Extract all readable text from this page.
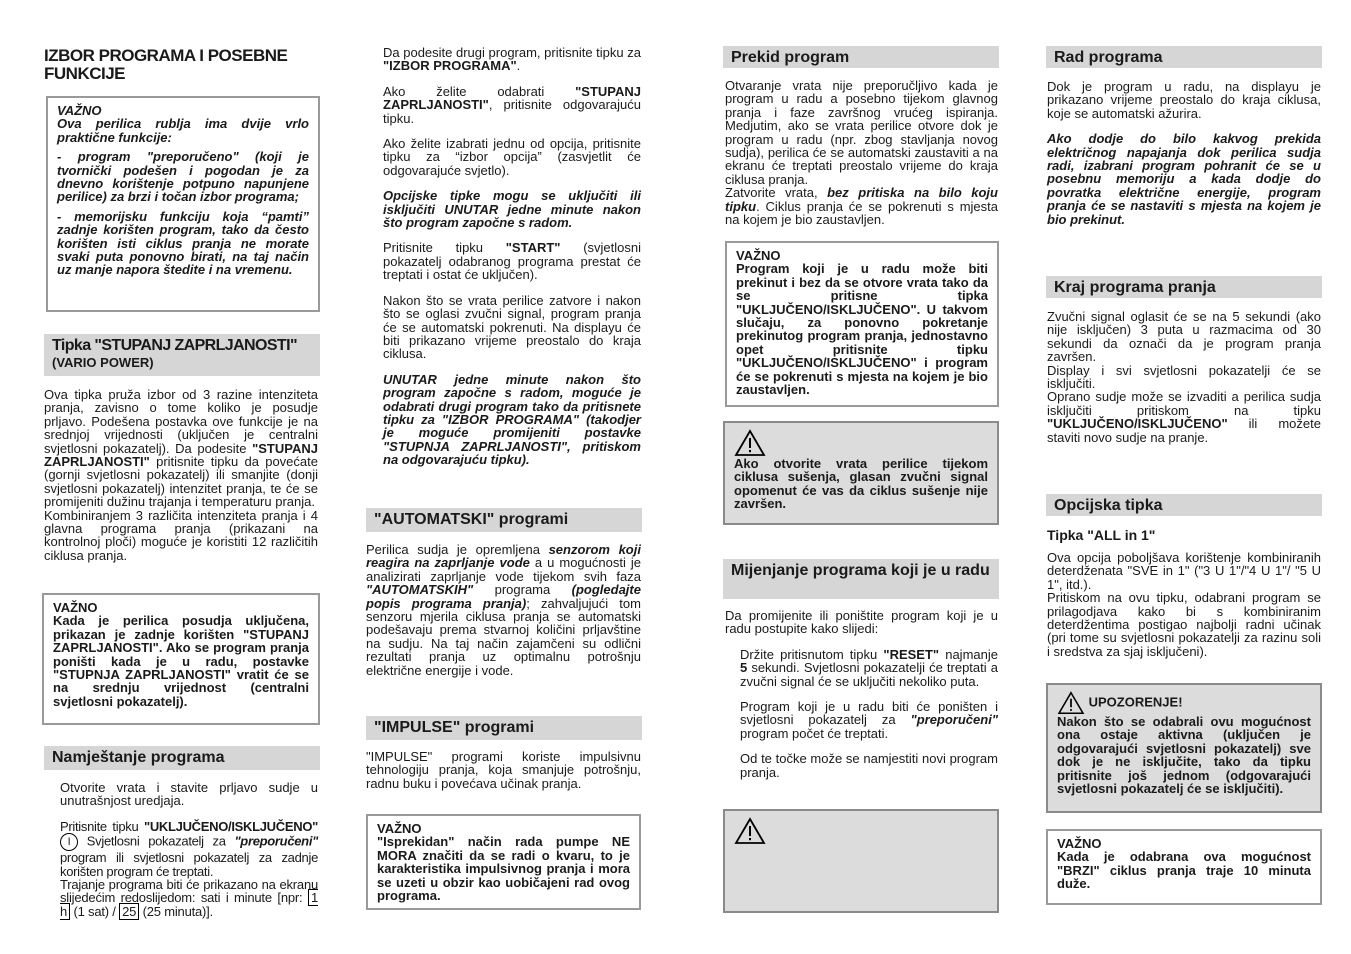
IZBOR PROGRAMA I POSEBNE FUNKCIJE
VAŽNO
Ova perilica rublja ima dvije vrlo praktične funkcije:
- program "preporučeno" (koji je tvornički podešen i pogodan je za dnevno korištenje potpuno napunjene perilice) za brzi i točan izbor programa;
- memorijsku funkciju koja “pamti” zadnje korišten program, tako da često korišten isti ciklus pranja ne morate svaki puta ponovno birati, na taj način uz manje napora štedite i na vremenu.
Tipka "STUPANJ ZAPRLJANOSTI"
(VARIO POWER)
Ova tipka pruža izbor od 3 razine intenziteta pranja, zavisno o tome koliko je posudje prljavo. Podešena postavka ove funkcije je na srednjoj vrijednosti (uključen je centralni svjetlosni pokazatelj). Da podesite "STUPANJ ZAPRLJANOSTI" pritisnite tipku da povećate (gornji svjetlosni pokazatelj) ili smanjite (donji svjetlosni pokazatelj) intenzitet pranja, te će se promijeniti dužinu trajanja i temperaturu pranja.
Kombiniranjem 3 različita intenziteta pranja i 4 glavna programa pranja (prikazani na kontrolnoj ploči) moguće je koristiti 12 različitih ciklusa pranja.
VAŽNO
Kada je perilica posudja uključena, prikazan je zadnje korišten "STUPANJ ZAPRLJANOSTI". Ako se program pranja poništi kada je u radu, postavke "STUPNJA ZAPRLJANOSTI" vratit će se na srednju vrijednost (centralni svjetlosni pokazatelj).
Namještanje programa
Otvorite vrata i stavite prljavo sudje u unutrašnjost uredjaja.
Pritisnite tipku "UKLJUČENO/ISKLJUČENO" I Svjetlosni pokazatelj za "preporučeni" program ili svjetlosni pokazatelj za zadnje korišten program će treptati.
Trajanje programa biti će prikazano na ekranu slijedećim redoslijedom: sati i minute [npr: 1 h (1 sat) / 25 (25 minuta)].
Da podesite drugi program, pritisnite tipku za "IZBOR PROGRAMA".
Ako želite odabrati "STUPANJ ZAPRLJANOSTI", pritisnite odgovarajuću tipku.
Ako želite izabrati jednu od opcija, pritisnite tipku za “izbor opcija” (zasvjetlit će odgovarajuće svjetlo).
Opcijske tipke mogu se uključiti ili isključiti UNUTAR jedne minute nakon što program započne s radom.
Pritisnite tipku "START" (svjetlosni pokazatelj odabranog programa prestat će treptati i ostat će uključen).
Nakon što se vrata perilice zatvore i nakon što se oglasi zvučni signal, program pranja će se automatski pokrenuti. Na displayu će biti prikazano vrijeme preostalo do kraja ciklusa.
UNUTAR jedne minute nakon što program započne s radom, moguće je odabrati drugi program tako da pritisnete tipku za "IZBOR PROGRAMA" (takodjer je moguće promijeniti postavke "STUPNJA ZAPRLJANOSTI", pritiskom na odgovarajuću tipku).
"AUTOMATSKI" programi
Perilica sudja je opremljena senzorom koji reagira na zaprljanje vode a u mogućnosti je analizirati zaprljanje vode tijekom svih faza "AUTOMATSKIH" programa (pogledajte popis programa pranja); zahvaljujući tom senzoru mjerila ciklusa pranja se automatski podešavaju prema stvarnoj količini prljavštine na sudju. Na taj način zajamčeni su odlični rezultati pranja uz optimalnu potrošnju električne energije i vode.
"IMPULSE" programi
"IMPULSE" programi koriste impulsivnu tehnologiju pranja, koja smanjuje potrošnju, radnu buku i povećava učinak pranja.
VAŽNO
"Isprekidan" način rada pumpe NE MORA značiti da se radi o kvaru, to je karakteristika impulsivnog pranja i mora se uzeti u obzir kao uobičajeni rad ovog programa.
Prekid program
Otvaranje vrata nije preporučljivo kada je program u radu a posebno tijekom glavnog pranja i faze završnog vrućeg ispiranja. Medjutim, ako se vrata perilice otvore dok je program u radu (npr. zbog stavljanja novog sudja), perilica će se automatski zaustaviti a na ekranu će treptati preostalo vrijeme do kraja ciklusa pranja.
Zatvorite vrata, bez pritiska na bilo koju tipku. Ciklus pranja će se pokrenuti s mjesta na kojem je bio zaustavljen.
VAŽNO
Program koji je u radu može biti prekinut i bez da se otvore vrata tako da se pritisne tipka "UKLJUČENO/ISKLJUČENO". U takvom slučaju, za ponovno pokretanje prekinutog program pranja, jednostavno opet pritisnite tipku "UKLJUČENO/ISKLJUČENO" i program će se pokrenuti s mjesta na kojem je bio zaustavljen.
Ako otvorite vrata perilice tijekom ciklusa sušenja, glasan zvučni signal opomenut će vas da ciklus sušenje nije završen.
Mijenjanje programa koji je u radu
Da promijenite ili poništite program koji je u radu postupite kako slijedi:
Držite pritisnutom tipku "RESET" najmanje 5 sekundi. Svjetlosni pokazatelji će treptati a zvučni signal će se uključiti nekoliko puta.
Program koji je u radu biti će poništen i svjetlosni pokazatelj za "preporučeni" program počet će treptati.
Od te točke može se namjestiti novi program pranja.
Rad programa
Dok je program u radu, na displayu je prikazano vrijeme preostalo do kraja ciklusa, koje se automatski ažurira.
Ako dodje do bilo kakvog prekida električnog napajanja dok perilica sudja radi, izabrani program pohranit će se u posebnu memoriju a kada dodje do povratka električne energije, program pranja će se nastaviti s mjesta na kojem je bio prekinut.
Kraj programa pranja
Zvučni signal oglasit će se na 5 sekundi (ako nije isključen) 3 puta u razmacima od 30 sekundi da označi da je program pranja završen.
Display i svi svjetlosni pokazatelji će se isključiti.
Oprano sudje može se izvaditi a perilica sudja isključiti pritiskom na tipku "UKLJUČENO/ISKLJUČENO" ili možete staviti novo sudje na pranje.
Opcijska tipka
Tipka "ALL in 1"
Ova opcija poboljšava korištenje kombiniranih deterdženata "SVE in 1" ("3 U 1"/"4 U 1"/ "5 U 1", itd.).
Pritiskom na ovu tipku, odabrani program se prilagodjava kako bi s kombiniranim deterdžentima postigao najbolji radni učinak (pri tome su svjetlosni pokazatelji za razinu soli i sredstva za sjaj isključeni).
UPOZORENJE!
Nakon što se odabrali ovu mogućnost ona ostaje aktivna (uključen je odgovarajući svjetlosni pokazatelj) sve dok je ne isključite, tako da tipku pritisnite još jednom (odgovarajući svjetlosni pokazatelj će se isključiti).
VAŽNO
Kada je odabrana ova mogućnost "BRZI" ciklus pranja traje 10 minuta duže.
